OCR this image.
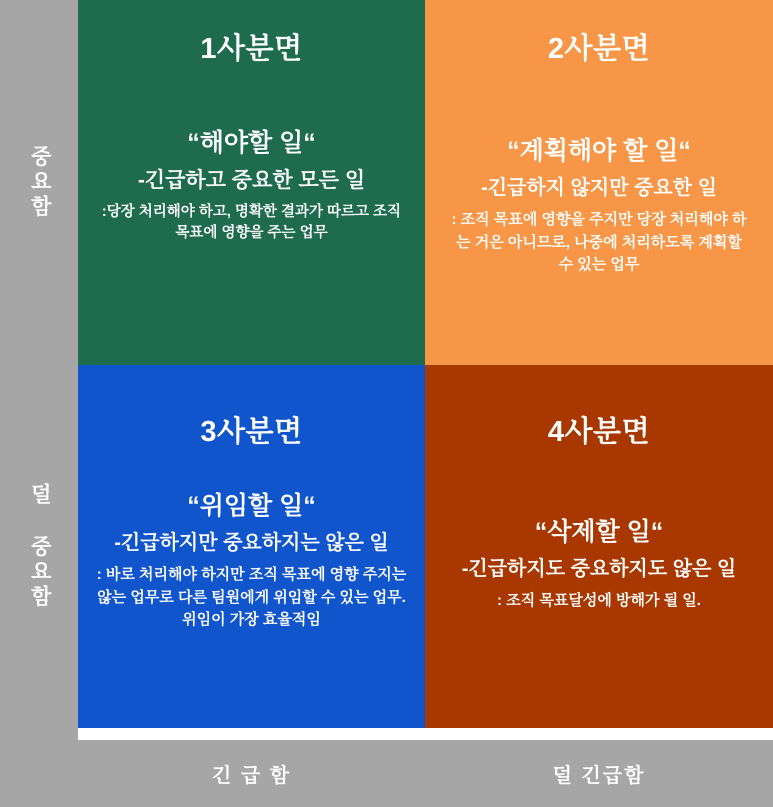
중요함
1사분면
“해야할 일“
-긴급하고 중요한 모든 일
:당장 처리해야 하고, 명확한 결과가 따르고 조직 목표에 영향을 주는 업무
2사분면
“계획해야 할 일“
-긴급하지 않지만 중요한 일
: 조직 목표에 영향을 주지만 당장 처리해야 하는 거은 아니므로, 나중에 처리하도록 계획할 수 있는 업무
덜 중요함
3사분면
“위임할 일“
-긴급하지만 중요하지는 않은 일
: 바로 처리해야 하지만 조직 목표에 영향 주지는 않는 업무로 다른 팀원에게 위임할 수 있는 업무. 위임이 가장 효율적임
4사분면
“삭제할 일“
-긴급하지도 중요하지도 않은 일
: 조직 목표달성에 방해가 될 일.
긴 급 함	덜 긴급함
